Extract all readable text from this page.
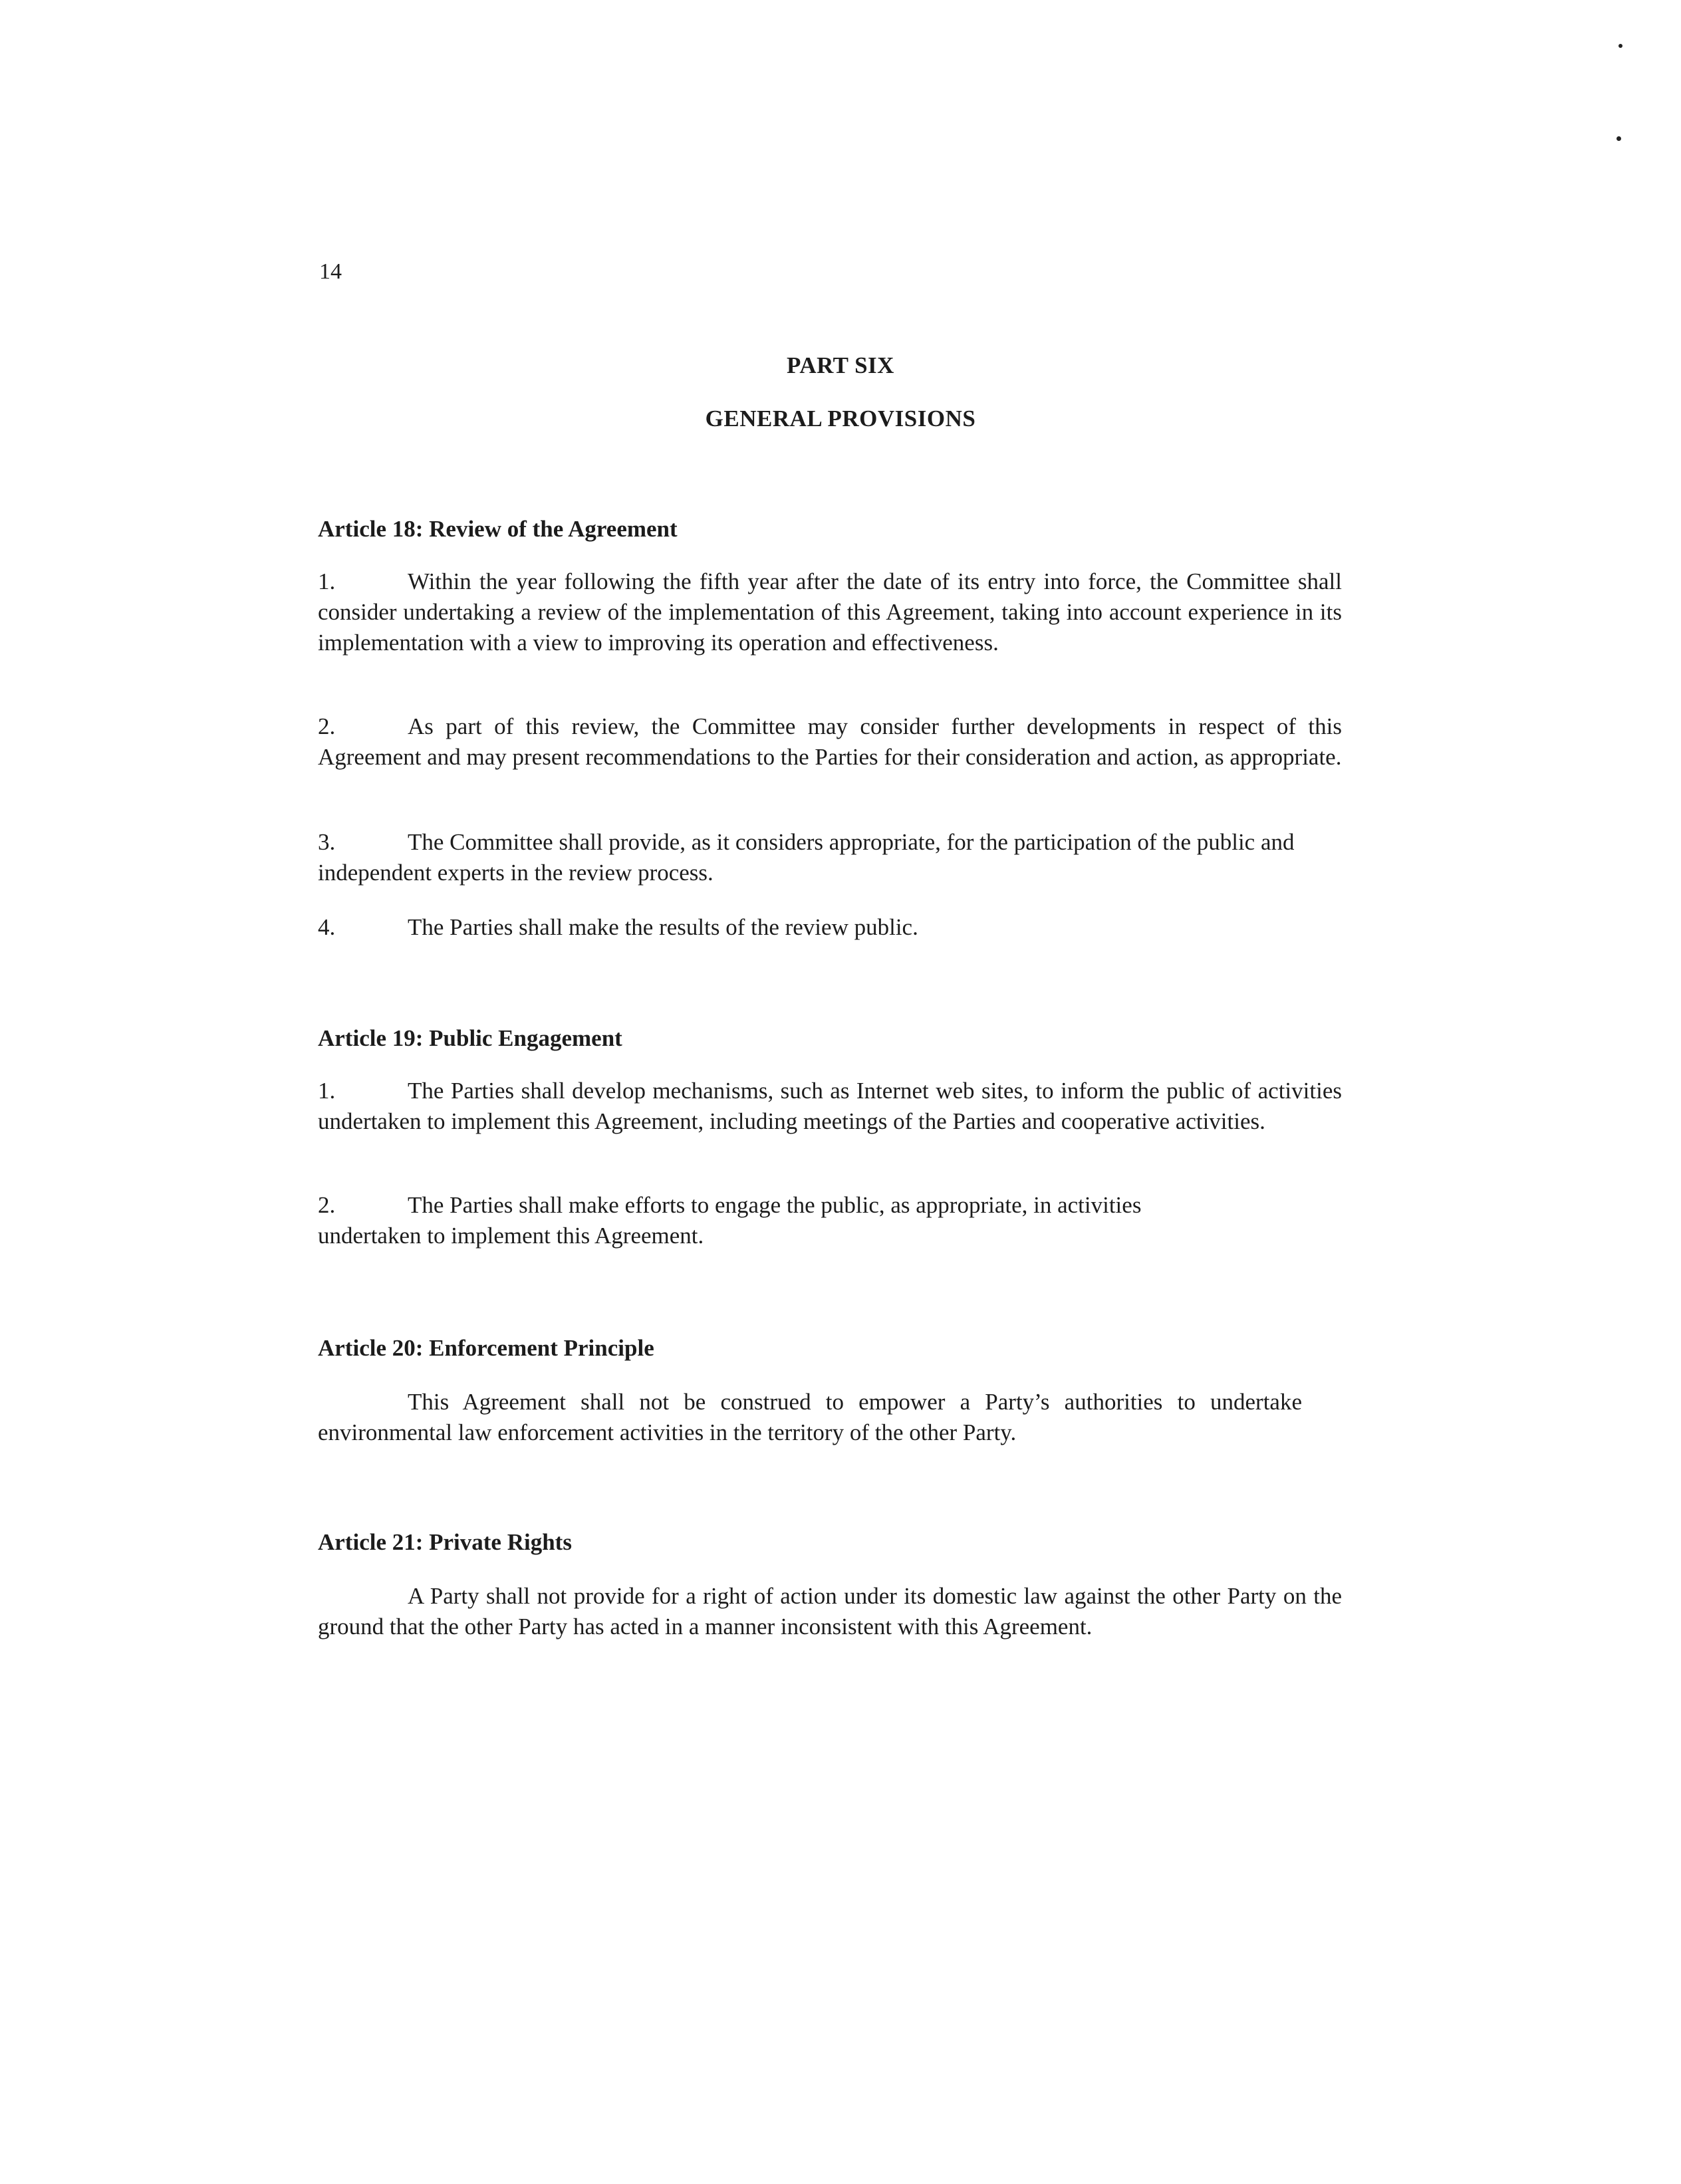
14
PART SIX
GENERAL PROVISIONS
Article 18: Review of the Agreement
1.	Within the year following the fifth year after the date of its entry into force, the Committee shall consider undertaking a review of the implementation of this Agreement, taking into account experience in its implementation with a view to improving its operation and effectiveness.
2.	As part of this review, the Committee may consider further developments in respect of this Agreement and may present recommendations to the Parties for their consideration and action, as appropriate.
3.	The Committee shall provide, as it considers appropriate, for the participation of the public and independent experts in the review process.
4.	The Parties shall make the results of the review public.
Article 19: Public Engagement
1.	The Parties shall develop mechanisms, such as Internet web sites, to inform the public of activities undertaken to implement this Agreement, including meetings of the Parties and cooperative activities.
2.	The Parties shall make efforts to engage the public, as appropriate, in activities undertaken to implement this Agreement.
Article 20: Enforcement Principle
This Agreement shall not be construed to empower a Party’s authorities to undertake environmental law enforcement activities in the territory of the other Party.
Article 21: Private Rights
A Party shall not provide for a right of action under its domestic law against the other Party on the ground that the other Party has acted in a manner inconsistent with this Agreement.
